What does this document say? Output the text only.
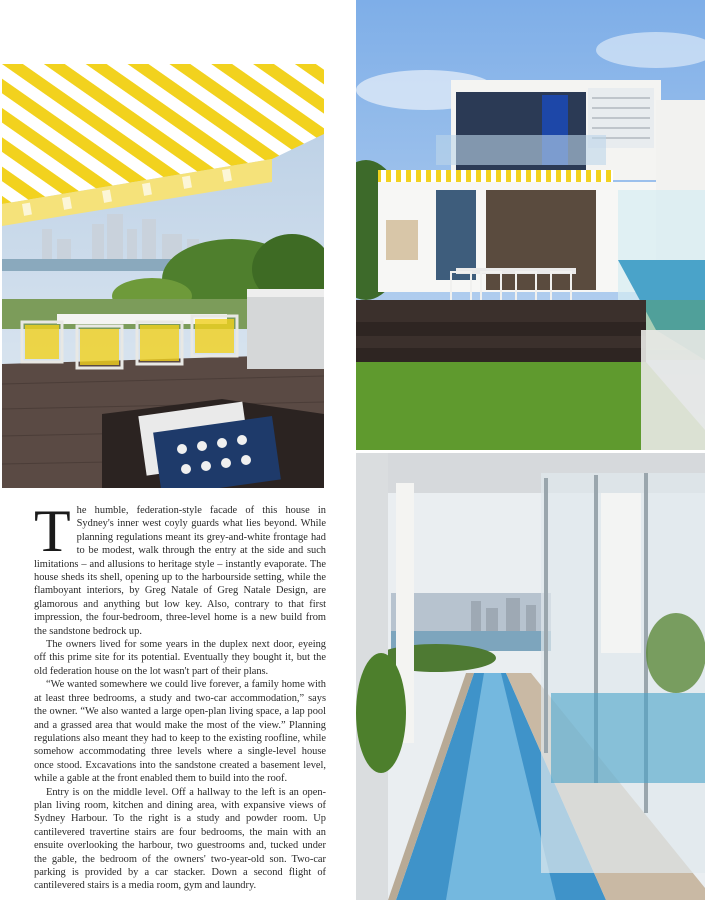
The humble, federation-style facade of this house in Sydney's inner west coyly guards what lies beyond. While planning regulations meant its grey-and-white frontage had to be modest, walk through the entry at the side and such limitations – and allusions to heritage style – instantly evaporate. The house sheds its shell, opening up to the harbourside setting, while the flamboyant interiors, by Greg Natale of Greg Natale Design, are glamorous and anything but low key. Also, contrary to that first impression, the four-bedroom, three-level home is a new build from the sandstone bedrock up.

The owners lived for some years in the duplex next door, eyeing off this prime site for its potential. Eventually they bought it, but the old federation house on the lot wasn't part of their plans.

“We wanted somewhere we could live forever, a family home with at least three bedrooms, a study and two-car accommodation,” says the owner. “We also wanted a large open-plan living space, a lap pool and a grassed area that would make the most of the view.” Planning regulations also meant they had to keep to the existing roofline, while somehow accommodating three levels where a single-level house once stood. Excavations into the sandstone created a basement level, while a gable at the front enabled them to build into the roof.

Entry is on the middle level. Off a hallway to the left is an open-plan living room, kitchen and dining area, with expansive views of Sydney Harbour. To the right is a study and powder room. Up cantilevered travertine stairs are four bedrooms, the main with an ensuite overlooking the harbour, two guestrooms and, tucked under the gable, the bedroom of the owners' two-year-old son. Two-car parking is provided by a car stacker. Down a second flight of cantilevered stairs is a media room, gym and laundry.
